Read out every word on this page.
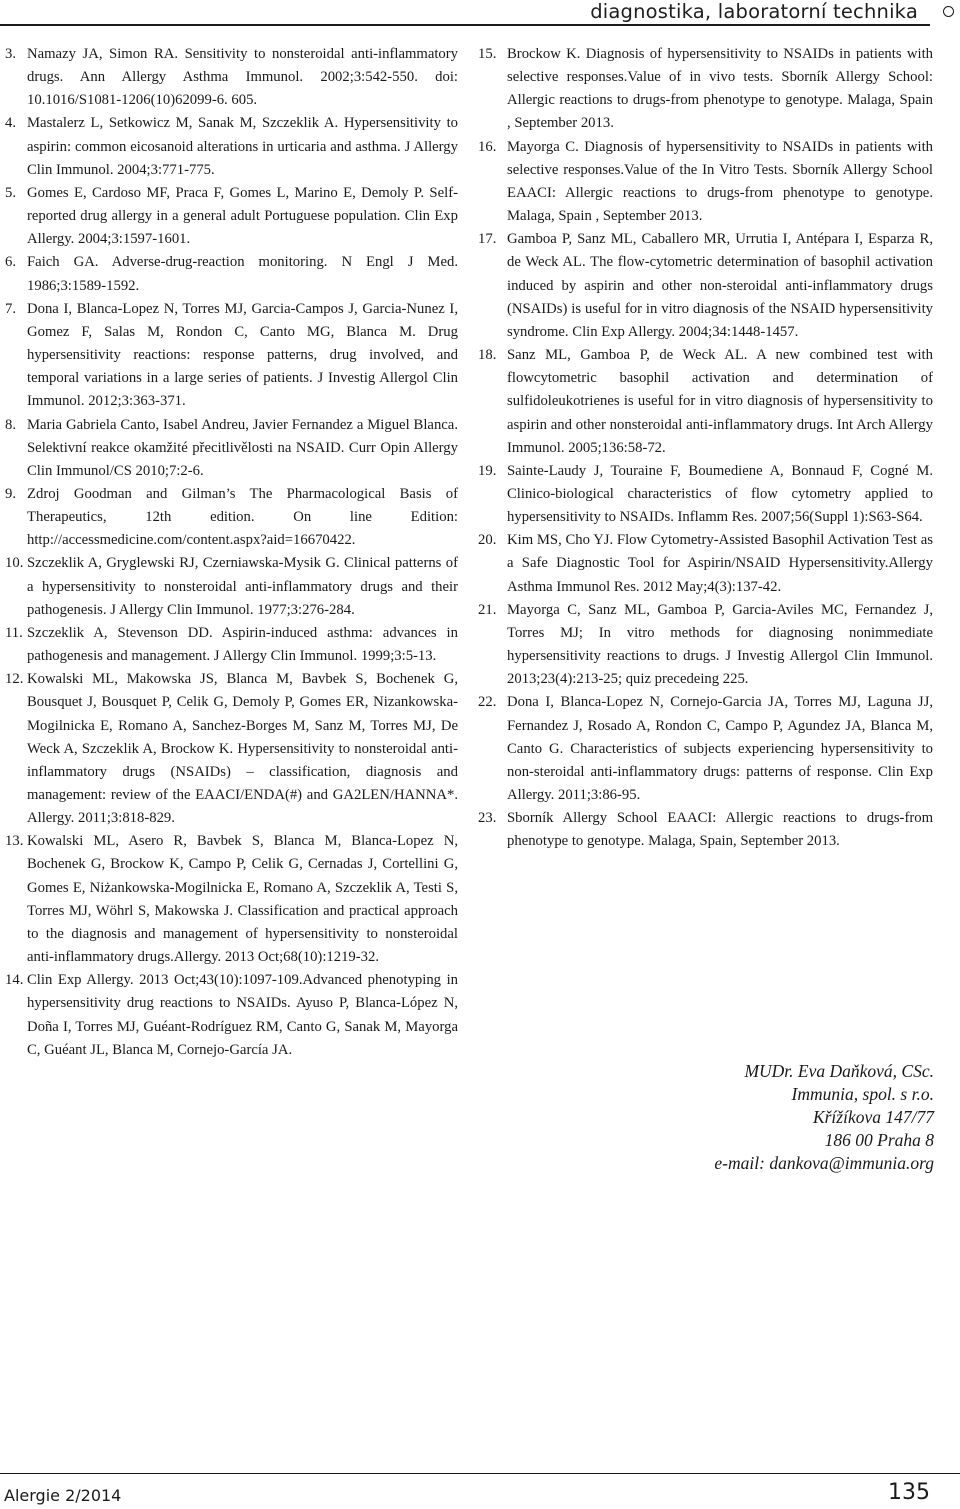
diagnostika, laboratorní technika
3. Namazy JA, Simon RA. Sensitivity to nonsteroidal anti-inflammatory drugs. Ann Allergy Asthma Immunol. 2002;3:542-550. doi: 10.1016/S1081-1206(10)62099-6. 605.
4. Mastalerz L, Setkowicz M, Sanak M, Szczeklik A. Hypersensitivity to aspirin: common eicosanoid alterations in urticaria and asthma. J Allergy Clin Immunol. 2004;3:771-775.
5. Gomes E, Cardoso MF, Praca F, Gomes L, Marino E, Demoly P. Self-reported drug allergy in a general adult Portuguese population. Clin Exp Allergy. 2004;3:1597-1601.
6. Faich GA. Adverse-drug-reaction monitoring. N Engl J Med. 1986;3:1589-1592.
7. Dona I, Blanca-Lopez N, Torres MJ, Garcia-Campos J, Garcia-Nunez I, Gomez F, Salas M, Rondon C, Canto MG, Blanca M. Drug hypersensitivity reactions: response patterns, drug involved, and temporal variations in a large series of patients. J Investig Allergol Clin Immunol. 2012;3:363-371.
8. Maria Gabriela Canto, Isabel Andreu, Javier Fernandez a Miguel Blanca. Selektivní reakce okamžité přecitlivělosti na NSAID. Curr Opin Allergy Clin Immunol/CS 2010;7:2-6.
9. Zdroj Goodman and Gilman’s The Pharmacological Basis of Therapeutics, 12th edition. On line Edition: http://accessmedicine.com/content.aspx?aid=16670422.
10. Szczeklik A, Gryglewski RJ, Czerniawska-Mysik G. Clinical patterns of a hypersensitivity to nonsteroidal anti-inflammatory drugs and their pathogenesis. J Allergy Clin Immunol. 1977;3:276-284.
11. Szczeklik A, Stevenson DD. Aspirin-induced asthma: advances in pathogenesis and management. J Allergy Clin Immunol. 1999;3:5-13.
12. Kowalski ML, Makowska JS, Blanca M, Bavbek S, Bochenek G, Bousquet J, Bousquet P, Celik G, Demoly P, Gomes ER, Nizankowska-Mogilnicka E, Romano A, Sanchez-Borges M, Sanz M, Torres MJ, De Weck A, Szczeklik A, Brockow K. Hypersensitivity to nonsteroidal anti-inflammatory drugs (NSAIDs) – classification, diagnosis and management: review of the EAACI/ENDA(#) and GA2LEN/HANNA*. Allergy. 2011;3:818-829.
13. Kowalski ML, Asero R, Bavbek S, Blanca M, Blanca-Lopez N, Bochenek G, Brockow K, Campo P, Celik G, Cernadas J, Cortellini G, Gomes E, Niżankowska-Mogilnicka E, Romano A, Szczeklik A, Testi S, Torres MJ, Wöhrl S, Makowska J. Classification and practical approach to the diagnosis and management of hypersensitivity to nonsteroidal anti-inflammatory drugs.Allergy. 2013 Oct;68(10):1219-32.
14. Clin Exp Allergy. 2013 Oct;43(10):1097-109.Advanced phenotyping in hypersensitivity drug reactions to NSAIDs. Ayuso P, Blanca-López N, Doña I, Torres MJ, Guéant-Rodríguez RM, Canto G, Sanak M, Mayorga C, Guéant JL, Blanca M, Cornejo-García JA.
15. Brockow K. Diagnosis of hypersensitivity to NSAIDs in patients with selective responses.Value of in vivo tests. Sborník Allergy School: Allergic reactions to drugs-from phenotype to genotype. Malaga, Spain , September 2013.
16. Mayorga C. Diagnosis of hypersensitivity to NSAIDs in patients with selective responses.Value of the In Vitro Tests. Sborník Allergy School EAACI: Allergic reactions to drugs-from phenotype to genotype. Malaga, Spain , September 2013.
17. Gamboa P, Sanz ML, Caballero MR, Urrutia I, Antépara I, Esparza R, de Weck AL. The flow-cytometric determination of basophil activation induced by aspirin and other non-steroidal anti-inflammatory drugs (NSAIDs) is useful for in vitro diagnosis of the NSAID hypersensitivity syndrome. Clin Exp Allergy. 2004;34:1448-1457.
18. Sanz ML, Gamboa P, de Weck AL. A new combined test with flowcytometric basophil activation and determination of sulfidoleukotrienes is useful for in vitro diagnosis of hypersensitivity to aspirin and other nonsteroidal anti-inflammatory drugs. Int Arch Allergy Immunol. 2005;136:58-72.
19. Sainte-Laudy J, Touraine F, Boumediene A, Bonnaud F, Cogné M. Clinico-biological characteristics of flow cytometry applied to hypersensitivity to NSAIDs. Inflamm Res. 2007;56(Suppl 1):S63-S64.
20. Kim MS, Cho YJ. Flow Cytometry-Assisted Basophil Activation Test as a Safe Diagnostic Tool for Aspirin/NSAID Hypersensitivity.Allergy Asthma Immunol Res. 2012 May;4(3):137-42.
21. Mayorga C, Sanz ML, Gamboa P, Garcia-Aviles MC, Fernandez J, Torres MJ; In vitro methods for diagnosing nonimmediate hypersensitivity reactions to drugs. J Investig Allergol Clin Immunol. 2013;23(4):213-25; quiz precedeing 225.
22. Dona I, Blanca-Lopez N, Cornejo-Garcia JA, Torres MJ, Laguna JJ, Fernandez J, Rosado A, Rondon C, Campo P, Agundez JA, Blanca M, Canto G. Characteristics of subjects experiencing hypersensitivity to non-steroidal anti-inflammatory drugs: patterns of response. Clin Exp Allergy. 2011;3:86-95.
23. Sborník Allergy School EAACI: Allergic reactions to drugs-from phenotype to genotype. Malaga, Spain, September 2013.
MUDr. Eva Daňková, CSc.
Immunia, spol. s r.o.
Křížíkova 147/77
186 00 Praha 8
e-mail: dankova@immunia.org
Alergie 2/2014	135
